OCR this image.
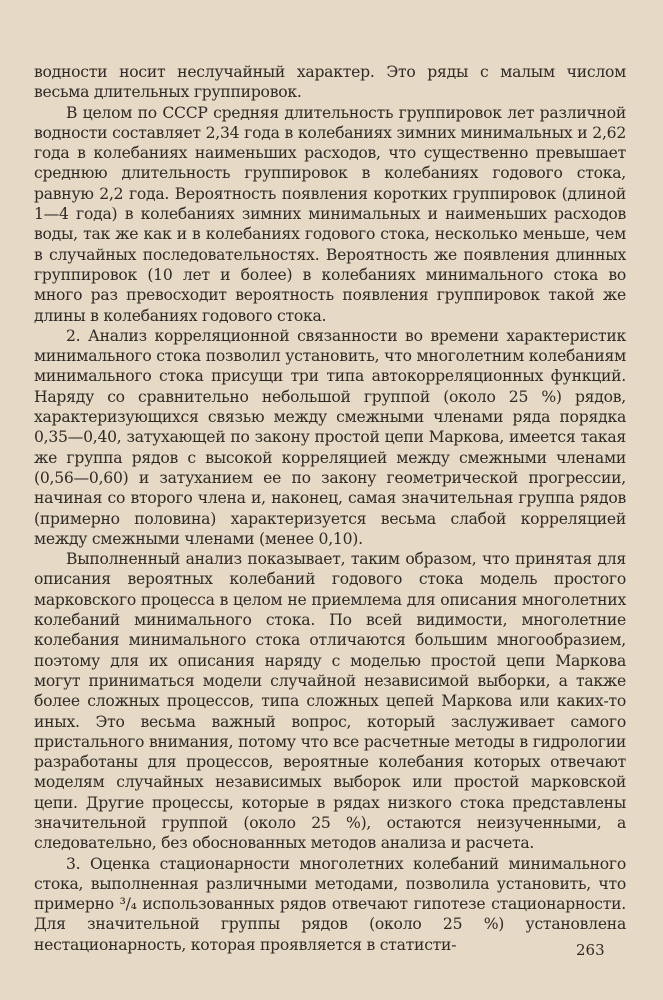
водности носит неслучайный характер. Это ряды с малым числом весьма длительных группировок.

В целом по СССР средняя длительность группировок лет различной водности составляет 2,34 года в колебаниях зимних минимальных и 2,62 года в колебаниях наименьших расходов, что существенно превышает среднюю длительность группировок в колебаниях годового стока, равную 2,2 года. Вероятность появления коротких группировок (длиной 1—4 года) в колебаниях зимних минимальных и наименьших расходов воды, так же как и в колебаниях годового стока, несколько меньше, чем в случайных последовательностях. Вероятность же появления длинных группировок (10 лет и более) в колебаниях минимального стока во много раз превосходит вероятность появления группировок такой же длины в колебаниях годового стока.

2. Анализ корреляционной связанности во времени характеристик минимального стока позволил установить, что многолетним колебаниям минимального стока присущи три типа автокорреляционных функций. Наряду со сравнительно небольшой группой (около 25 %) рядов, характеризующихся связью между смежными членами ряда порядка 0,35—0,40, затухающей по закону простой цепи Маркова, имеется такая же группа рядов с высокой корреляцией между смежными членами (0,56—0,60) и затуханием ее по закону геометрической прогрессии, начиная со второго члена и, наконец, самая значительная группа рядов (примерно половина) характеризуется весьма слабой корреляцией между смежными членами (менее 0,10).

Выполненный анализ показывает, таким образом, что принятая для описания вероятных колебаний годового стока модель простого марковского процесса в целом не приемлема для описания многолетних колебаний минимального стока. По всей видимости, многолетние колебания минимального стока отличаются большим многообразием, поэтому для их описания наряду с моделью простой цепи Маркова могут приниматься модели случайной независимой выборки, а также более сложных процессов, типа сложных цепей Маркова или каких-то иных. Это весьма важный вопрос, который заслуживает самого пристального внимания, потому что все расчетные методы в гидрологии разработаны для процессов, вероятные колебания которых отвечают моделям случайных независимых выборок или простой марковской цепи. Другие процессы, которые в рядах низкого стока представлены значительной группой (около 25 %), остаются неизученными, а следовательно, без обоснованных методов анализа и расчета.

3. Оценка стационарности многолетних колебаний минимального стока, выполненная различными методами, позволила установить, что примерно ³/₄ использованных рядов отвечают гипотезе стационарности. Для значительной группы рядов (около 25 %) установлена нестационарность, которая проявляется в статисти-	263
